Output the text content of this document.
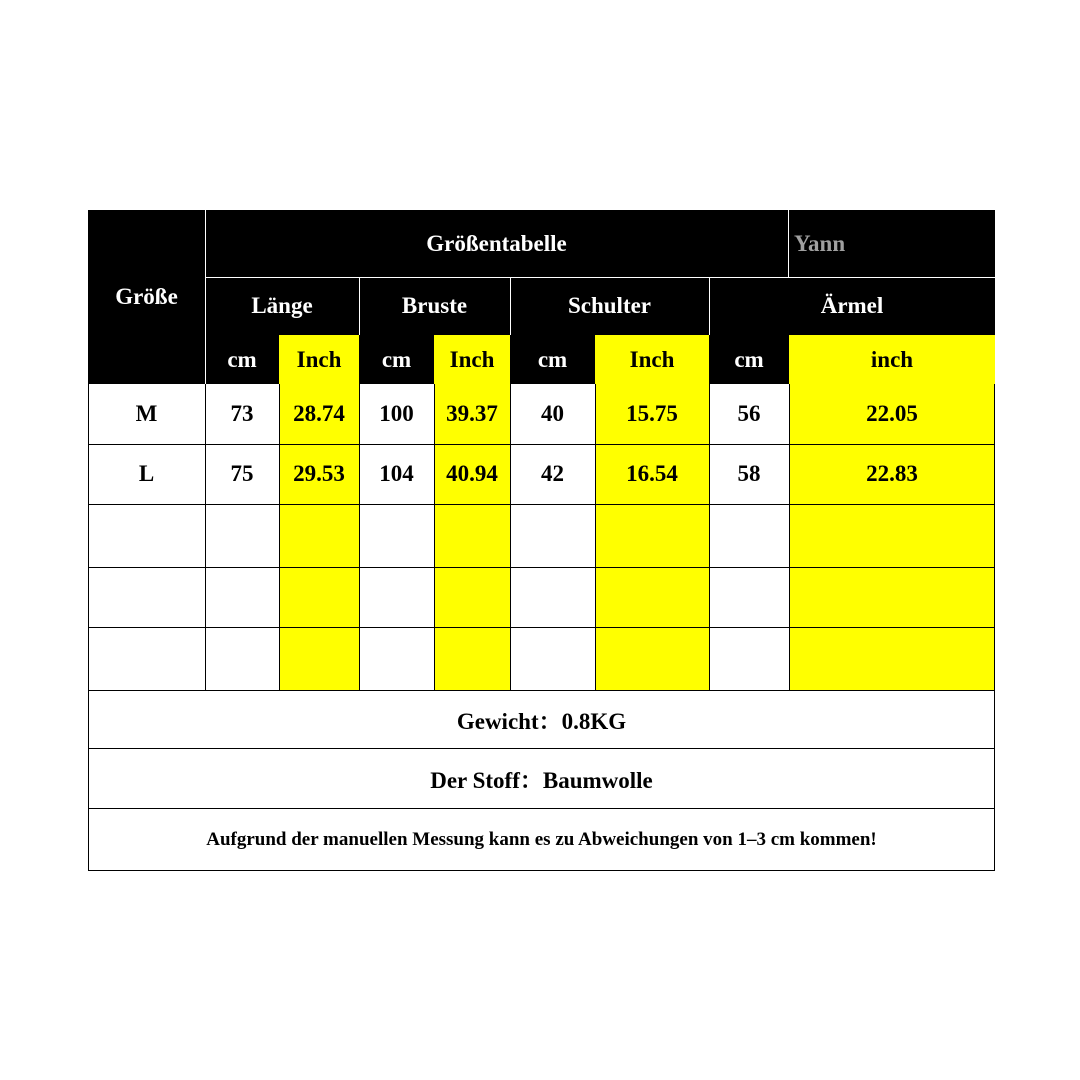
Größe
Größentabelle	Yann
Länge	Bruste	Schulter	Ärmel
cm	Inch	cm	Inch	cm	Inch	cm	inch
M	73	28.74	100	39.37	40	15.75	56	22.05
L	75	29.53	104	40.94	42	16.54	58	22.83
Gewicht：0.8KG
Der Stoff：Baumwolle
Aufgrund der manuellen Messung kann es zu Abweichungen von 1–3 cm kommen!
